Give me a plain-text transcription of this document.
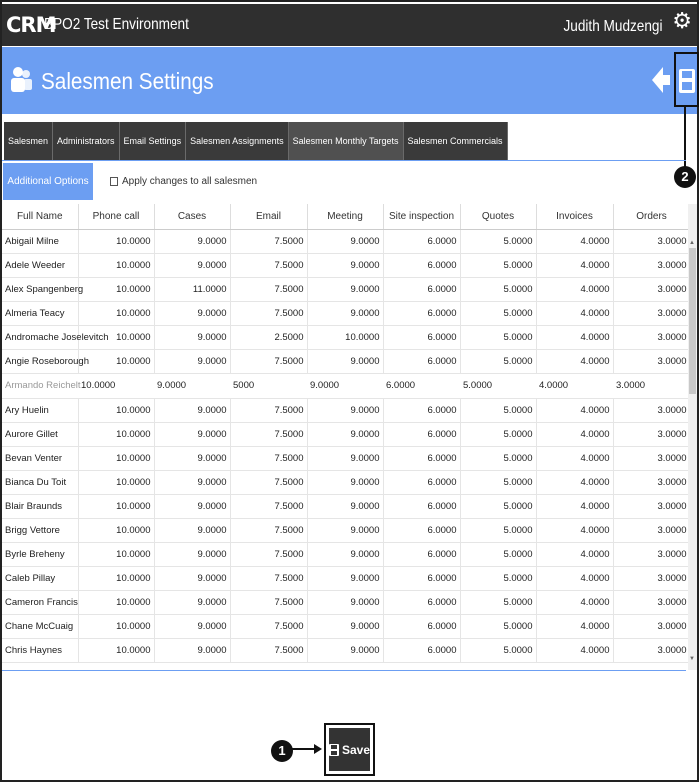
CRM
BPO2 Test Environment	Judith Mudzengi ⚙
Salesmen Settings
2
Salesmen	Administrators	Email Settings	Salesmen Assignments	Salesmen Monthly Targets	Salesmen Commercials
Additional Options	Apply changes to all salesmen
Full Name	Phone call	Cases	Email	Meeting	Site inspection	Quotes	Invoices	Orders
Abigail Milne	10.0000	9.0000	7.5000	9.0000	6.0000	5.0000	4.0000	3.0000
Adele Weeder	10.0000	9.0000	7.5000	9.0000	6.0000	5.0000	4.0000	3.0000
Alex Spangenberg	10.0000	11.0000	7.5000	9.0000	6.0000	5.0000	4.0000	3.0000
Almeria Teacy	10.0000	9.0000	7.5000	9.0000	6.0000	5.0000	4.0000	3.0000
Andromache Joselevitch	10.0000	9.0000	2.5000	10.0000	6.0000	5.0000	4.0000	3.0000
Angie Roseborough	10.0000	9.0000	7.5000	9.0000	6.0000	5.0000	4.0000	3.0000
Armando Reichelt	10.0000	9.0000	5000	9.0000	6.0000	5.0000	4.0000	3.0000
Ary Huelin	10.0000	9.0000	7.5000	9.0000	6.0000	5.0000	4.0000	3.0000
Aurore Gillet	10.0000	9.0000	7.5000	9.0000	6.0000	5.0000	4.0000	3.0000
Bevan Venter	10.0000	9.0000	7.5000	9.0000	6.0000	5.0000	4.0000	3.0000
Bianca Du Toit	10.0000	9.0000	7.5000	9.0000	6.0000	5.0000	4.0000	3.0000
Blair Braunds	10.0000	9.0000	7.5000	9.0000	6.0000	5.0000	4.0000	3.0000
Brigg Vettore	10.0000	9.0000	7.5000	9.0000	6.0000	5.0000	4.0000	3.0000
Byrle Breheny	10.0000	9.0000	7.5000	9.0000	6.0000	5.0000	4.0000	3.0000
Caleb Pillay	10.0000	9.0000	7.5000	9.0000	6.0000	5.0000	4.0000	3.0000
Cameron Francis	10.0000	9.0000	7.5000	9.0000	6.0000	5.0000	4.0000	3.0000
Chane McCuaig	10.0000	9.0000	7.5000	9.0000	6.0000	5.0000	4.0000	3.0000
Chris Haynes	10.0000	9.0000	7.5000	9.0000	6.0000	5.0000	4.0000	3.0000
▲
▼
1	Save
